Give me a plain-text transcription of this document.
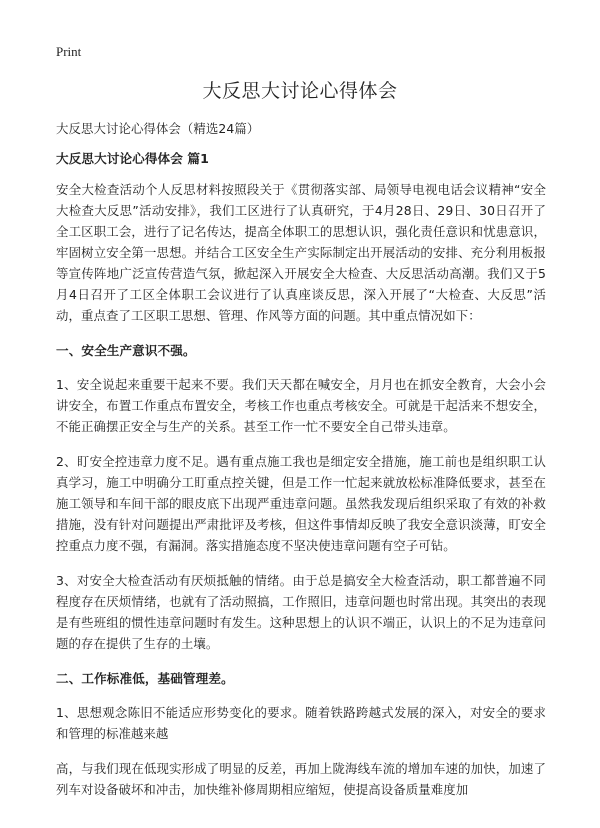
Print
大反思大讨论心得体会

大反思大讨论心得体会（精选24篇）

大反思大讨论心得体会 篇1

安全大检查活动个人反思材料按照段关于《贯彻落实部、局领导电视电话会议精神“安全大检查大反思”活动安排》，我们工区进行了认真研究，于4月28日、29日、30日召开了全工区职工会，进行了记名传达，提高全体职工的思想认识，强化责任意识和忧患意识，牢固树立安全第一思想。并结合工区安全生产实际制定出开展活动的安排、充分利用板报等宣传阵地广泛宣传营造气氛，掀起深入开展安全大检查、大反思活动高潮。我们又于5月4日召开了工区全体职工会议进行了认真座谈反思，深入开展了“大检查、大反思”活动，重点查了工区职工思想、管理、作风等方面的问题。其中重点情况如下：

一、安全生产意识不强。

1、安全说起来重要干起来不要。我们天天都在喊安全，月月也在抓安全教育，大会小会讲安全，布置工作重点布置安全，考核工作也重点考核安全。可就是干起活来不想安全，不能正确摆正安全与生产的关系。甚至工作一忙不要安全自己带头违章。

2、盯安全控违章力度不足。遇有重点施工我也是细定安全措施，施工前也是组织职工认真学习，施工中明确分工盯重点控关键，但是工作一忙起来就放松标准降低要求，甚至在施工领导和车间干部的眼皮底下出现严重违章问题。虽然我发现后组织采取了有效的补救措施，没有针对问题提出严肃批评及考核，但这件事情却反映了我安全意识淡薄，盯安全控重点力度不强，有漏洞。落实措施态度不坚决使违章问题有空子可钻。

3、对安全大检查活动有厌烦抵触的情绪。由于总是搞安全大检查活动，职工都普遍不同程度存在厌烦情绪，也就有了活动照搞，工作照旧，违章问题也时常出现。其突出的表现是有些班组的惯性违章问题时有发生。这种思想上的认识不端正，认识上的不足为违章问题的存在提供了生存的土壤。

二、工作标准低，基础管理差。

1、思想观念陈旧不能适应形势变化的要求。随着铁路跨越式发展的深入，对安全的要求和管理的标准越来越

高，与我们现在低现实形成了明显的反差，再加上陇海线车流的增加车速的加快，加速了列车对设备破坏和冲击，加快维补修周期相应缩短，使提高设备质量难度加
